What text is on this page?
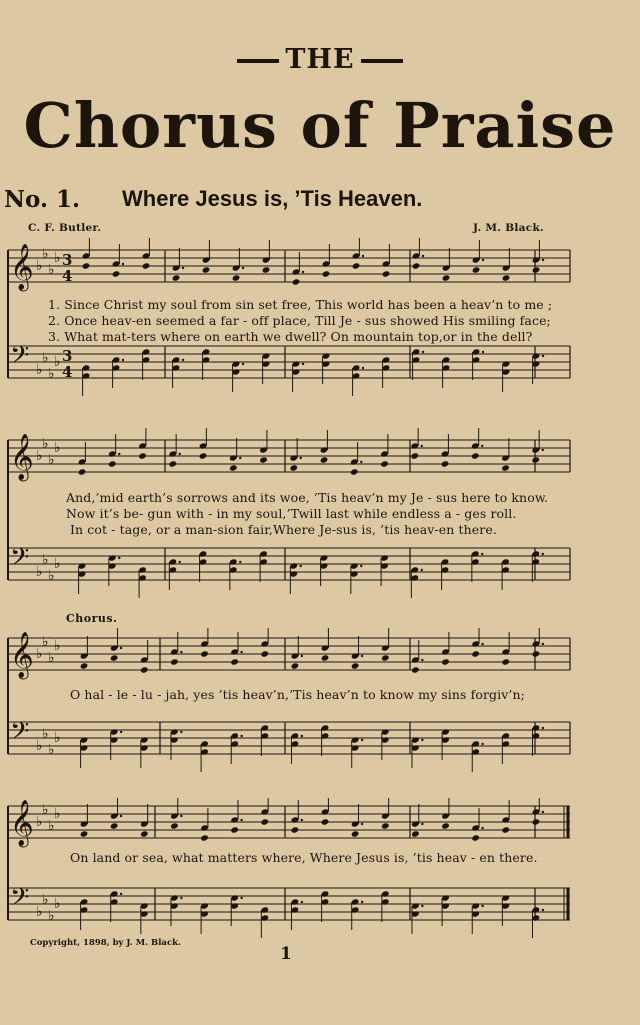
THE
Chorus of Praise
No. 1. Where Jesus is, ’Tis Heaven.
C. F. Butler.	J. M. Black.
𝄞 ♭
♭
♭
♭ 3
4
𝄢 ♭
♭
♭
♭ 3
4
1. Since Christ my soul from sin set free, This world has been a heav’n to me ;
2. Once heav-en seemed a far - off place, Till Je - sus showed His smiling face;
3. What mat-ters where on earth we dwell? On mountain top,or in the dell?
𝄞 ♭
♭
♭
♭
𝄢 ♭
♭
♭
♭
And,’mid earth’s sorrows and its woe, ’Tis heav’n my Je - sus here to know.
Now it’s be- gun with - in my soul,’Twill last while endless a - ges roll.
In cot - tage, or a man-sion fair,Where Je-sus is, ’tis heav-en there.
Chorus.
𝄞 ♭
♭
♭
♭
𝄢 ♭
♭
♭
♭
O hal - le - lu - jah, yes ’tis heav’n,’Tis heav’n to know my sins forgiv’n;
𝄞 ♭
♭
♭
♭
𝄢 ♭
♭
♭
♭
On land or sea, what matters where, Where Jesus is, ’tis heav - en there.
Copyright, 1898, by J. M. Black.
1
